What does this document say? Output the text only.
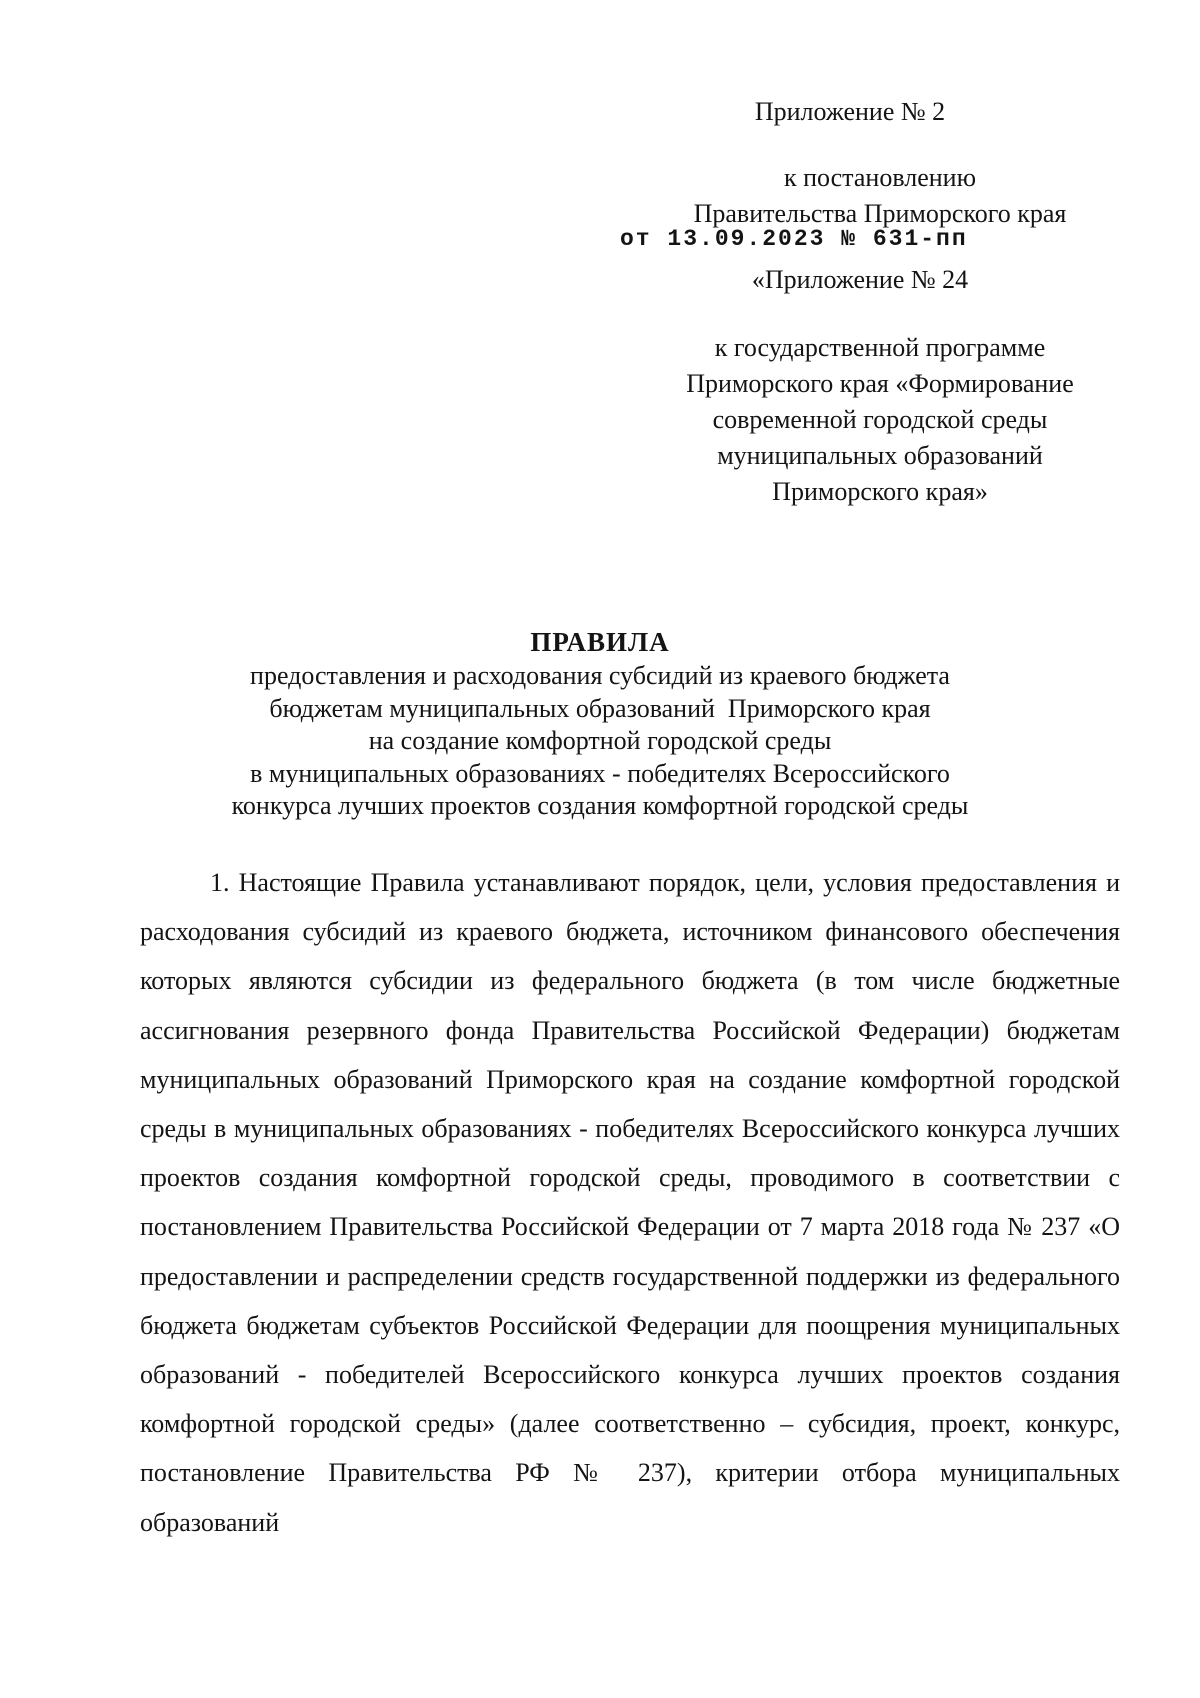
Приложение № 2
к постановлению
Правительства Приморского края
от 13.09.2023 № 631-пп
«Приложение № 24
к государственной программе
Приморского края «Формирование
современной городской среды
муниципальных образований
Приморского края»
ПРАВИЛА
предоставления и расходования субсидий из краевого бюджета
бюджетам муниципальных образований  Приморского края
на создание комфортной городской среды
в муниципальных образованиях - победителях Всероссийского
конкурса лучших проектов создания комфортной городской среды

1. Настоящие Правила устанавливают порядок, цели, условия предоставления и расходования субсидий из краевого бюджета, источником финансового обеспечения которых являются субсидии из федерального бюджета (в том числе бюджетные ассигнования резервного фонда Правительства Российской Федерации) бюджетам муниципальных образований Приморского края на создание комфортной городской среды в муниципальных образованиях - победителях Всероссийского конкурса лучших проектов создания комфортной городской среды, проводимого в соответствии с постановлением Правительства Российской Федерации от 7 марта 2018 года № 237 «О предоставлении и распределении средств государственной поддержки из федерального бюджета бюджетам субъектов Российской Федерации для поощрения муниципальных образований - победителей Всероссийского конкурса лучших проектов создания комфортной городской среды» (далее соответственно – субсидия, проект, конкурс, постановление Правительства РФ № 237), критерии отбора муниципальных образований
